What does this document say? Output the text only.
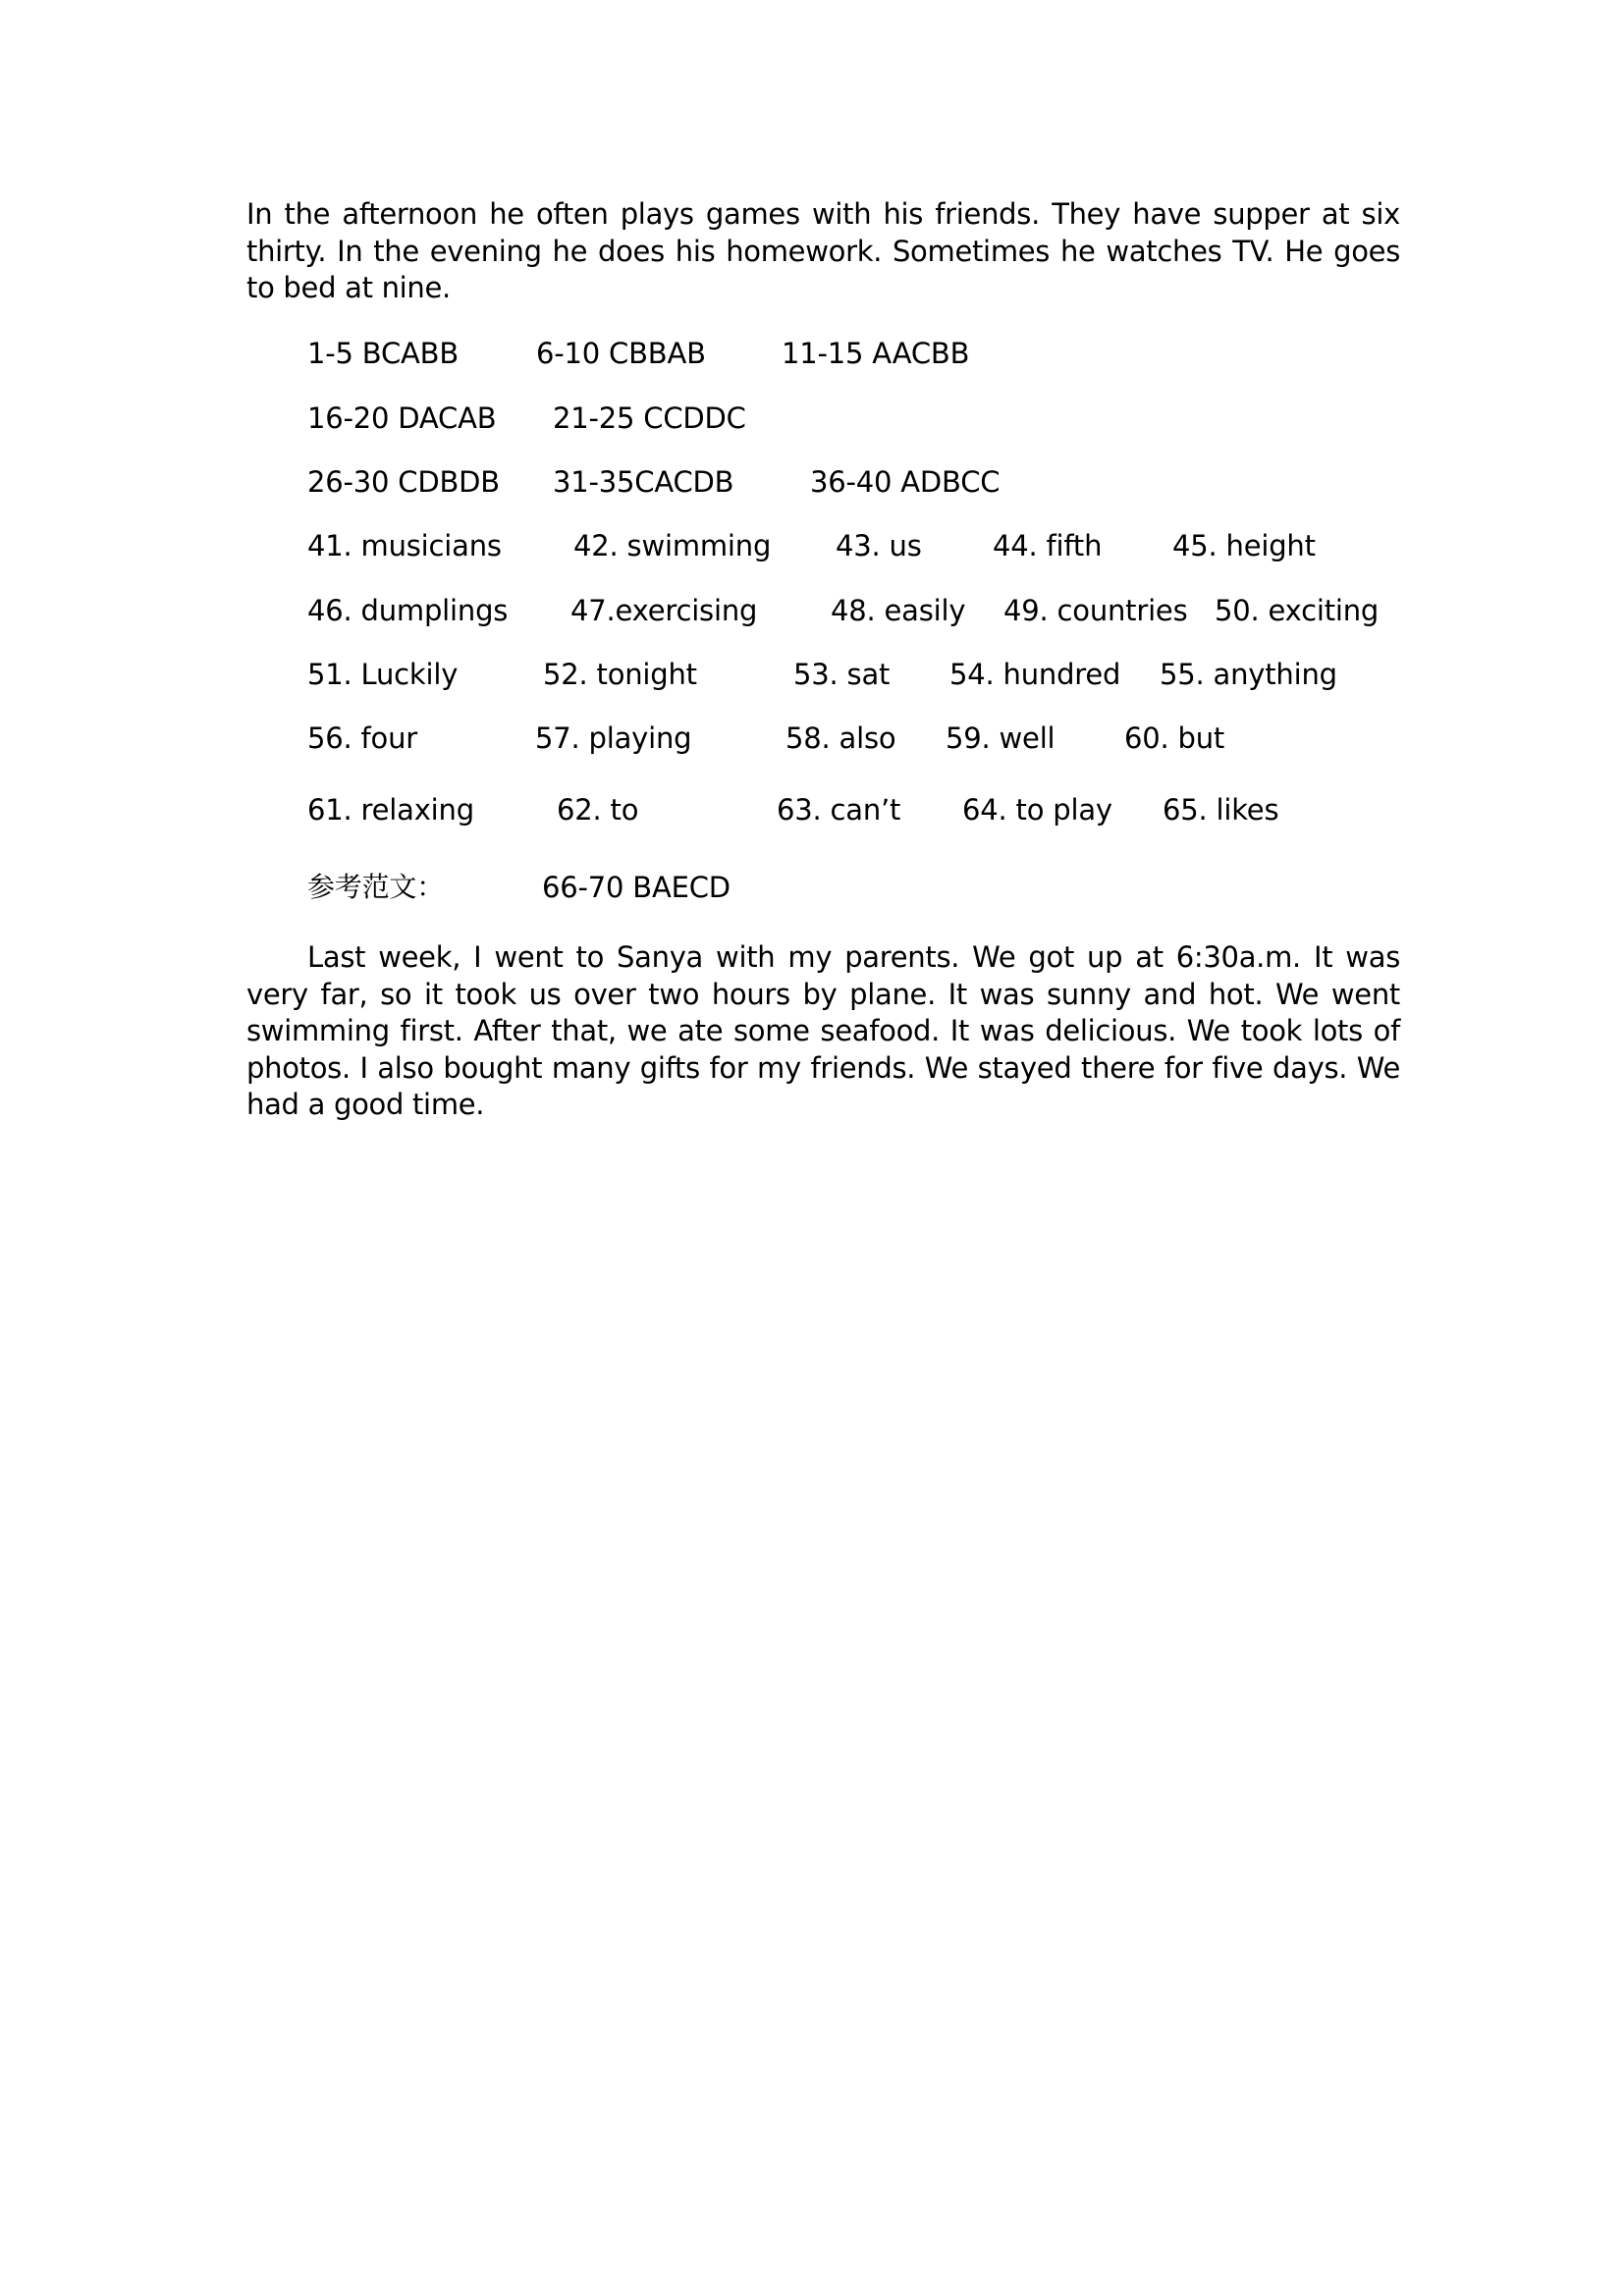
In the afternoon he often plays games with his friends. They have supper at six thirty. In the evening he does his homework. Sometimes he watches TV. He goes to bed at nine.

1-5 BCABB	6-10 CBBAB	11-15 AACBB
16-20 DACAB 21-25 CCDDC
26-30 CDBDB 31-35CACDB	36-40 ADBCC
41. musicians	42. swimming 43. us 44. fifth 45. height
46. dumplings 47.exercising	48. easily 49. countries 50. exciting
51. Luckily	52. tonight	53. sat 54. hundred 55. anything
56. four	57. playing	58. also 59. well 60. but
61. relaxing	62. to	63. can’t 64. to play 65. likes
参考范文：	66-70 BAECD

Last week, I went to Sanya with my parents. We got up at 6:30a.m. It was very far, so it took us over two hours by plane. It was sunny and hot. We went swimming first. After that, we ate some seafood. It was delicious. We took lots of photos. I also bought many gifts for my friends. We stayed there for five days. We had a good time.
